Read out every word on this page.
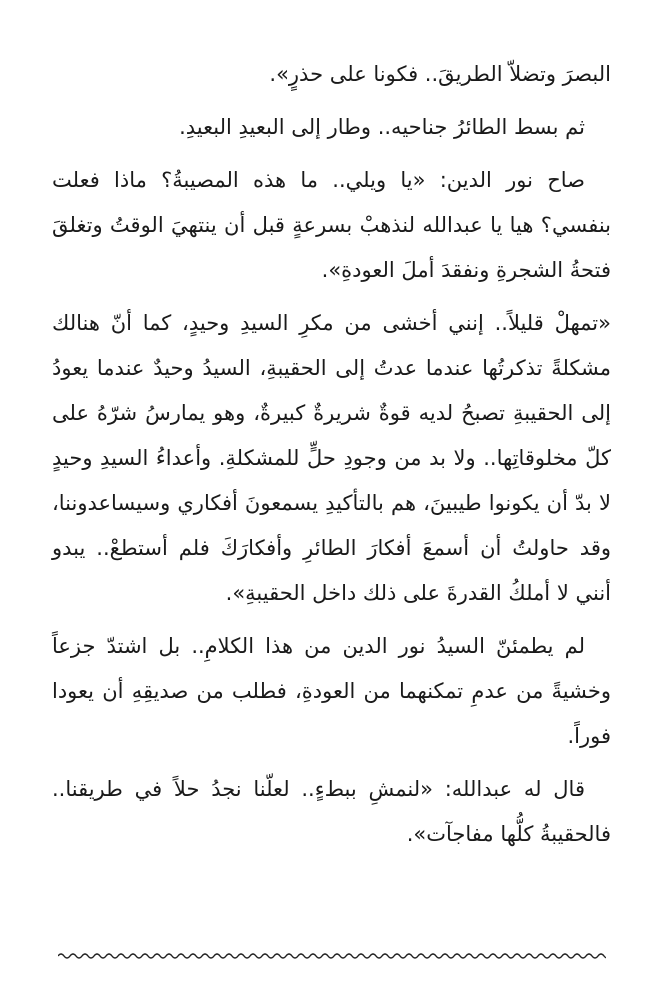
البصرَ وتضلاّ الطريقَ.. فكونا على حذرٍ».

ثم بسط الطائرُ جناحيه.. وطار إلى البعيدِ البعيدِ.

صاح نور الدين: «يا ويلي.. ما هذه المصيبةُ؟ ماذا فعلت بنفسي؟ هيا يا عبدالله لنذهبْ بسرعةٍ قبل أن ينتهيَ الوقتُ وتغلقَ فتحةُ الشجرةِ ونفقدَ أملَ العودةِ».

«تمهلْ قليلاً.. إنني أخشى من مكرِ السيدِ وحيدٍ، كما أنّ هنالك مشكلةً تذكرتُها عندما عدتُ إلى الحقيبةِ، السيدُ وحيدٌ عندما يعودُ إلى الحقيبةِ تصبحُ لديه قوةٌ شريرةٌ كبيرةٌ، وهو يمارسُ شرّهُ على كلّ مخلوقاتِها.. ولا بد من وجودِ حلٍّ للمشكلةِ. وأعداءُ السيدِ وحيدٍ لا بدّ أن يكونوا طيبينَ، هم بالتأكيدِ يسمعونَ أفكاري وسيساعدوننا، وقد حاولتُ أن أسمعَ أفكارَ الطائرِ وأفكارَكَ فلم أستطعْ.. يبدو أنني لا أملكُ القدرةَ على ذلك داخل الحقيبةِ».

لم يطمئنّ السيدُ نور الدين من هذا الكلامِ.. بل اشتدّ جزعاً وخشيةً من عدمِ تمكنهما من العودةِ، فطلب من صديقِهِ أن يعودا فوراً.

قال له عبدالله: «لنمشِ ببطءٍ.. لعلّنا نجدُ حلاً في طريقنا.. فالحقيبةُ كلُّها مفاجآت».
